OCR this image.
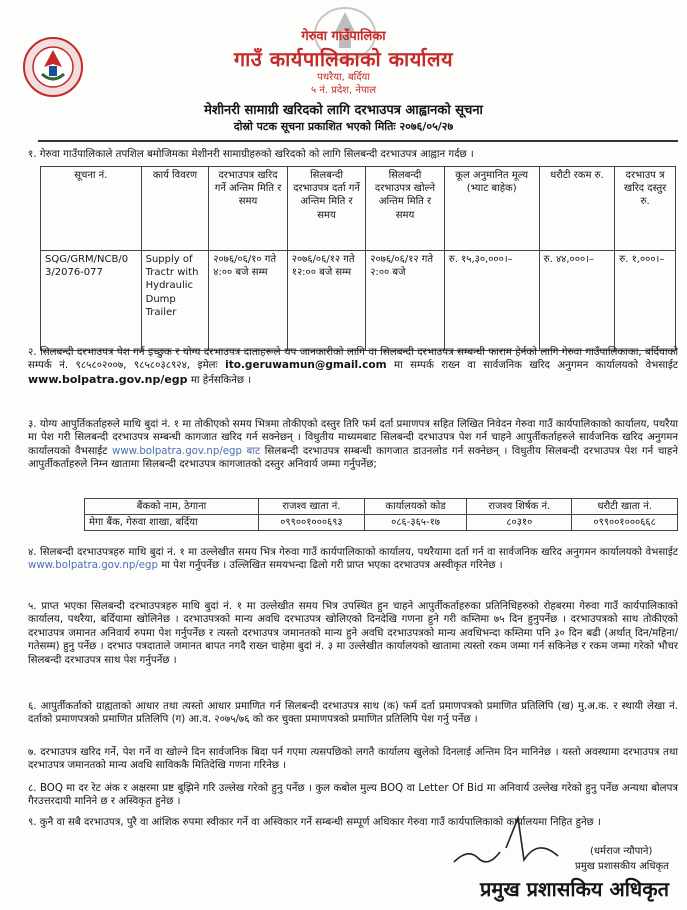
गेरुवा गाउँपालिका
गाउँ कार्यपालिकाको कार्यालय
पथरैया, बर्दिया
५ नं. प्रदेश, नेपाल
मेशीनरी सामाग्री खरिदको लागि दरभाउपत्र आह्वानको सूचना
दोस्रो पटक सूचना प्रकाशित भएको मितिः २०७६/०५/२७
१. गेरुवा गाउँपालिकाले तपशिल बमोजिमका मेशीनरी सामाग्रीहरुको खरिदको को लागि सिलबन्दी दरभाउपत्र आह्वान गर्दछ ।
सूचना नं.	कार्य विवरण	दरभाउपत्र खरिद गर्ने अन्तिम मिति र समय	सिलबन्दी दरभाउपत्र दर्ता गर्ने अन्तिम मिति र समय	सिलबन्दी दरभाउपत्र खोल्ने अन्तिम मिति र समय	कूल अनुमानित मूल्य (भ्याट बाहेक)	धरौटी रकम रु.	दरभाउप त्र खरिद दस्तुर रु.
SQG/GRM/NCB/03/2076-077	Supply of Tractr with Hydraulic Dump Trailer	२०७६/०६/१० गते ४:०० बजे सम्म	२०७६/०६/१२ गते १२:०० बजे सम्म	२०७६/०६/१२ गते २:०० बजे	रु. १५,३०,०००।–	रु. ४४,०००।–	रु. १,०००।–
२. सिलबन्दी दरभाउपत्र पेश गर्न इच्छुक र योग्य दरभाउपत्र दाताहरूले थप जानकारीको लागि वा सिलबन्दी दरभाउपत्र सम्बन्धी फाराम हेर्नको लागि गेरुवा गाउँपालिकाका, बर्दियाको सम्पर्क नं. ९८५८०२००७, ९८५८०३८९२४, इमेलः ito.geruwamun@gmail.com मा सम्पर्क राख्न वा सार्वजनिक खरिद अनुगमन कार्यालयको वेभसाईट www.bolpatra.gov.np/egp मा हेर्नसकिनेछ ।
३. योग्य आपुर्तिकर्ताहरुले माथि बुदां नं. १ मा तोकीएको समय भित्रमा तोकीएको दस्तुर तिरि फर्म दर्ता प्रमाणपत्र सहित लिखित निवेदन गेरुवा गाउँ कार्यपालिकाको कार्यालय, पथरैया मा पेश गरी सिलबन्दी दरभाउपत्र सम्बन्धी कागजात खरिद गर्न सक्नेछन् । विधुतीय माध्यमबाट सिलबन्दी दरभाउपत्र पेश गर्न चाहने आपुर्तीकर्ताहरुले सार्वजनिक खरिद अनुगमन कार्यालयको वैभसाईट www.bolpatra.gov.np/egp बाट सिलबन्दी दरभाउपत्र सम्बन्धी कागजात डाउनलोड गर्न सक्नेछन् । विधुतीय सिलबन्दी दरभाउपत्र पेश गर्न चाहने आपुर्तीकर्ताहरुले निम्न खातामा सिलबन्दी दरभाउपत्र कागजातको दस्तुर अनिवार्य जम्मा गर्नुपर्नेछ;
बैंकको नाम, ठेगाना	राजश्व खाता नं.	कार्यालयको कोड	राजश्व शिर्षक नं.	धरौटी खाता नं.
मेगा बैंक, गेरुवा शाखा, बर्दिया	०९९००१०००६९३	०८६-३६५-१७	८०३१०	०९९००१०००६६८
४. सिलबन्दी दरभाउपत्रहरु माथि बुदां नं. १ मा उल्लेखीत समय भित्र गेरुवा गाउँ कार्यपालिकाको कार्यालय, पथरैयामा दर्ता गर्न वा सार्वजनिक खरिद अनुगमन कार्यालयको वेभसाईट www.bolpatra.gov.np/egp मा पेश गर्नुपर्नेछ । उल्लिखित समयभन्दा ढिलो गरी प्राप्त भएका दरभाउपत्र अस्वीकृत गरिनेछ ।
५. प्राप्त भएका सिलबन्दी दरभाउपत्रहरु माथि बुदां नं. १ मा उल्लेखीत समय भित्र उपस्थित हुन चाहने आपुर्तीकर्ताहरुका प्रतिनिधिहरुको रोहबरमा गेरुवा गाउँ कार्यपालिकाको कार्यालय, पथरैया, बर्दियामा खोलिनेछ । दरभाउपत्रको मान्य अवधि दरभाउपत्र खोलिएको दिनदेखि गणना हुने गरी कम्तिमा ७५ दिन हुनुपर्नेछ । दरभाउपत्रको साथ तोकीएको दरभाउपत्र जमानत अनिवार्य रुपमा पेश गर्नुपर्नेछ र त्यस्तो दरभाउपत्र जमानतको मान्य हुने अवधि दरभाउपत्रको मान्य अवधिभन्दा कम्तिमा पनि ३० दिन बढी (अर्थात् दिन/महिना/गतेसम्म) हुनु पर्नेछ । दरभाउ पत्रदाताले जमानत बापत नगदै राख्न चाहेमा बुदां नं. ३ मा उल्लेखीत कार्यालयको खातामा त्यस्तो रकम जम्मा गर्न सकिनेछ र रकम जम्मा गरेको भौचर सिलबन्दी दरभाउपत्र साथ पेश गर्नुपर्नेछ ।
६. आपुर्तीकर्ताको ग्राह्यताको आधार तथा त्यस्तो आधार प्रमाणित गर्न सिलबन्दी दरभाउपत्र साथ (क) फर्म दर्ता प्रमाणपत्रको प्रमाणित प्रतिलिपि (ख) मु.अ.क. र स्थायी लेखा नं. दर्ताको प्रमाणपत्रको प्रमाणित प्रतिलिपि (ग) आ.व. २०७५/७६ को कर चुक्ता प्रमाणपत्रको प्रमाणित प्रतिलिपि पेश गर्नु पर्नेछ ।
७. दरभाउपत्र खरिद गर्ने, पेश गर्ने वा खोल्ने दिन सार्वजनिक बिदा पर्न गएमा त्यसपछिको लगतै कार्यालय खुलेको दिनलाई अन्तिम दिन मानिनेछ । यस्तो अवस्थामा दरभाउपत्र तथा दरभाउपत्र जमानतको मान्य अवधि साविककै मितिदेखि गणना गरिनेछ ।
८. BOQ मा दर रेट अंक र अक्षरमा प्रष्ट बुझिने गरि उल्लेख गरेको हुनु पर्नेछ । कुल कबोल मुल्य BOQ वा Letter Of Bid मा अनिवार्य उल्लेख गरेको हुनु पर्नेछ अन्यथा बोलपत्र गैरउत्तरदायी मानिने छ र अस्विकृत हुनेछ ।
९. कुनै वा सबै दरभाउपत्र, पुरै वा आंशिक रुपमा स्वीकार गर्ने वा अस्विकार गर्ने सम्बन्धी सम्पूर्ण अधिकार गेरुवा गाउँ कार्यपालिकाको कार्यालयमा निहित हुनेछ ।
(धर्मराज न्यौपाने)
प्रमुख प्रशासकीय अधिकृत
प्रमुख प्रशासकिय अधिकृत
